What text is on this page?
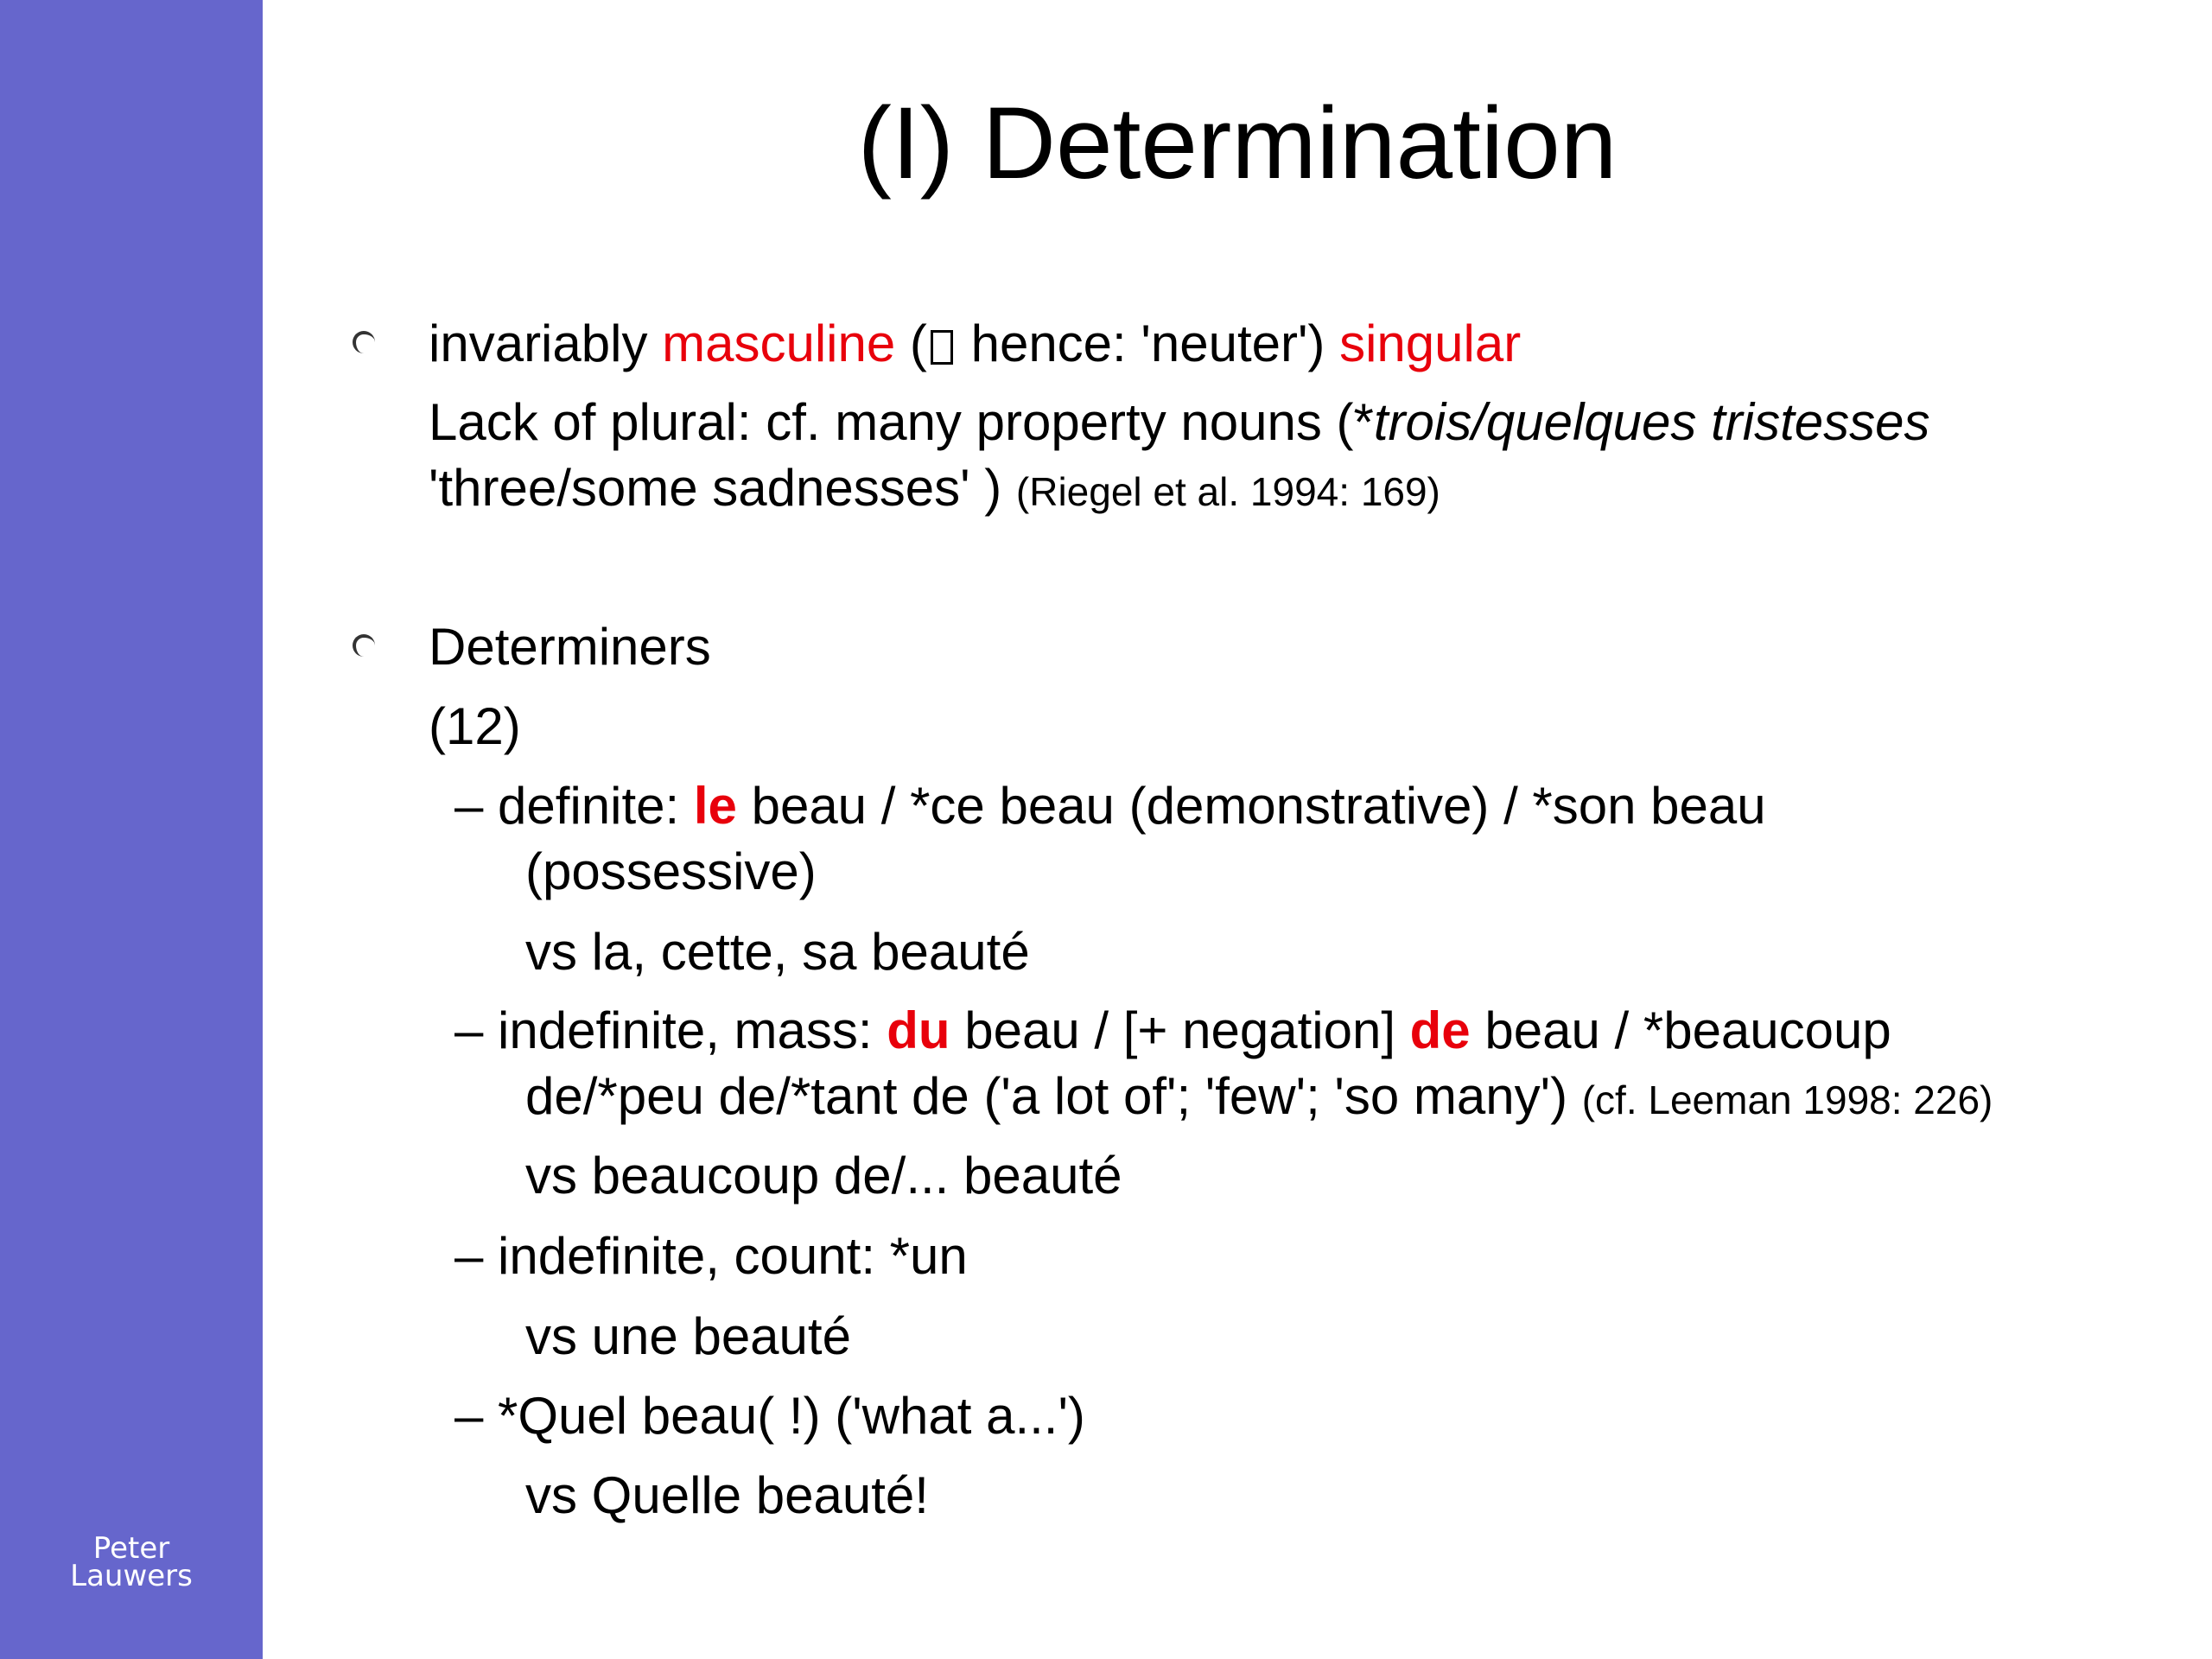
Peter
Lauwers
(I) Determination
invariably masculine ( hence: 'neuter') singular
Lack of plural: cf. many property nouns (*trois/quelques tristesses
'three/some sadnesses' ) (Riegel et al. 1994: 169)
Determiners
(12)
– definite: le beau / *ce beau (demonstrative) / *son beau
(possessive)
vs la, cette, sa beauté
– indefinite, mass: du beau / [+ negation] de beau / *beaucoup
de/*peu de/*tant de ('a lot of'; 'few'; 'so many') (cf. Leeman 1998: 226)
vs beaucoup de/... beauté
– indefinite, count: *un
vs une beauté
– *Quel beau( !) ('what a...')
vs Quelle beauté!
